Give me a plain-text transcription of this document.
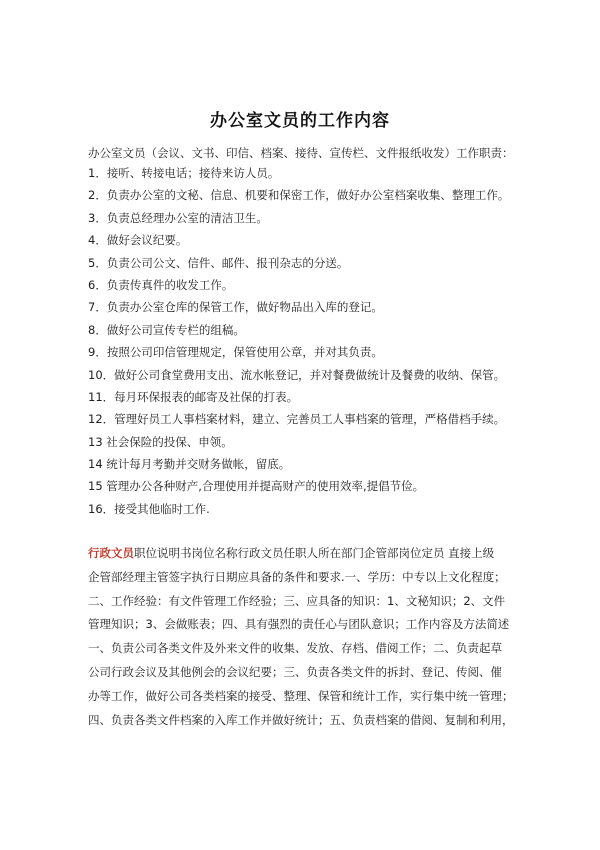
办公室文员的工作内容
办公室文员（会议、文书、印信、档案、接待、宣传栏、文件报纸收发）工作职责：
1．接听、转接电话；接待来访人员。
2．负责办公室的文秘、信息、机要和保密工作，做好办公室档案收集、整理工作。
3．负责总经理办公室的清洁卫生。
4．做好会议纪要。
5．负责公司公文、信件、邮件、报刊杂志的分送。
6．负责传真件的收发工作。
7．负责办公室仓库的保管工作，做好物品出入库的登记。
8．做好公司宣传专栏的组稿。
9．按照公司印信管理规定，保管使用公章，并对其负责。
10．做好公司食堂费用支出、流水帐登记，并对餐费做统计及餐费的收纳、保管。
11．每月环保报表的邮寄及社保的打表。
12．管理好员工人事档案材料，建立、完善员工人事档案的管理，严格借档手续。
13 社会保险的投保、申领。
14 统计每月考勤并交财务做帐，留底。
15 管理办公各种财产,合理使用并提高财产的使用效率,提倡节俭。
16．接受其他临时工作.
行政文员职位说明书岗位名称行政文员任职人所在部门企管部岗位定员 直接上级
企管部经理主管签字执行日期应具备的条件和要求.一、学历：中专以上文化程度；
二、工作经验：有文件管理工作经验；三、应具备的知识：1、文秘知识；2、文件
管理知识；3、会做账表；四、具有强烈的责任心与团队意识；工作内容及方法简述
一、负责公司各类文件及外来文件的收集、发放、存档、借阅工作；二、负责起草
公司行政会议及其他例会的会议纪要；三、负责各类文件的拆封、登记、传阅、催
办等工作，做好公司各类档案的接受、整理、保管和统计工作，实行集中统一管理；
四、负责各类文件档案的入库工作并做好统计；五、负责档案的借阅、复制和利用，
